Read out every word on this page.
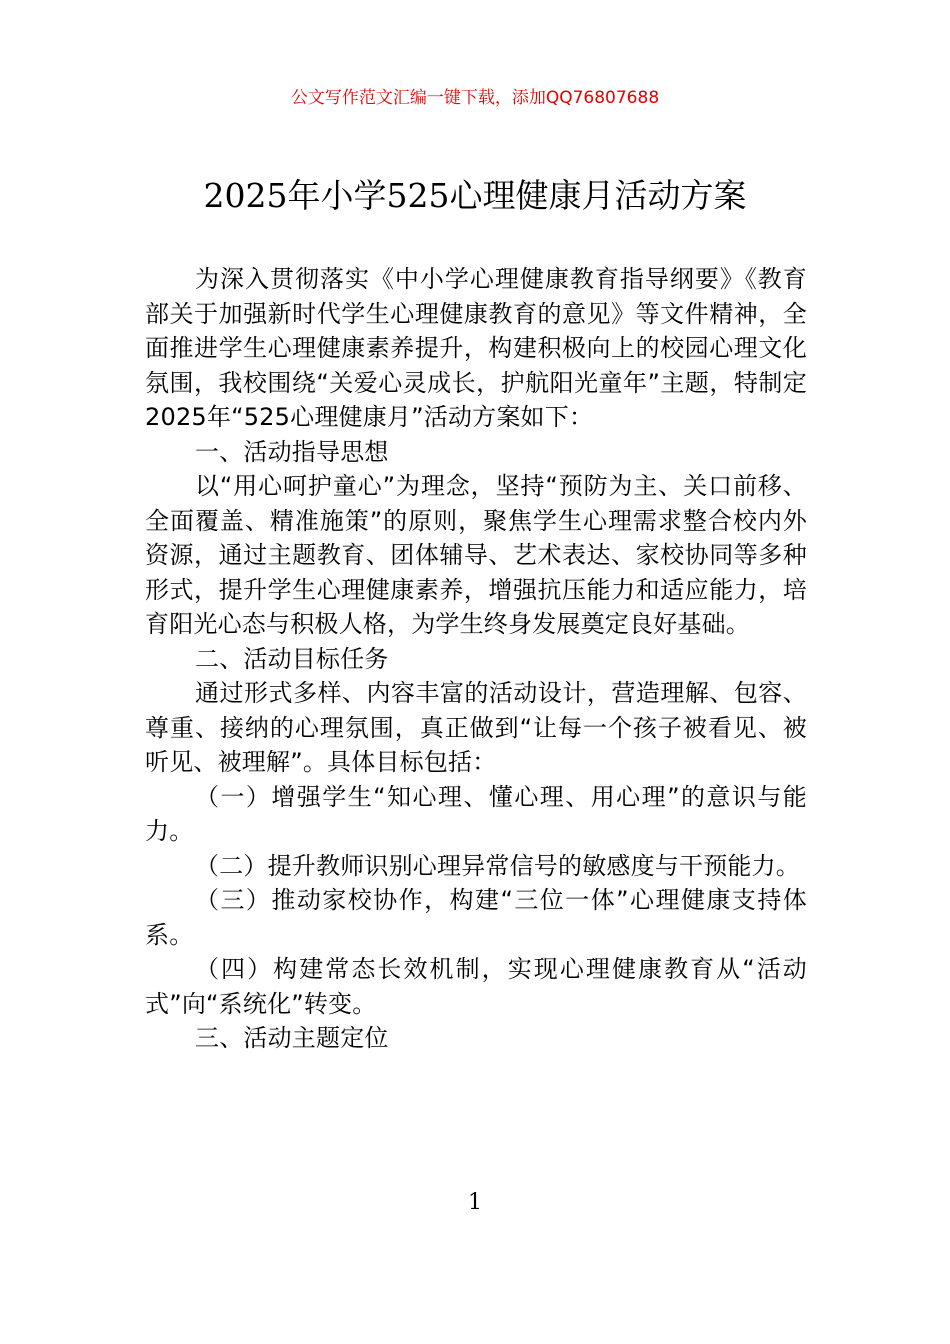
公文写作范文汇编一键下载，添加QQ76807688
2025年小学525心理健康月活动方案

为深入贯彻落实《中小学心理健康教育指导纲要》《教育部关于加强新时代学生心理健康教育的意见》等文件精神，全面推进学生心理健康素养提升，构建积极向上的校园心理文化氛围，我校围绕“关爱心灵成长，护航阳光童年”主题，特制定2025年“525心理健康月”活动方案如下：

一、活动指导思想

以“用心呵护童心”为理念，坚持“预防为主、关口前移、全面覆盖、精准施策”的原则，聚焦学生心理需求整合校内外资源，通过主题教育、团体辅导、艺术表达、家校协同等多种形式，提升学生心理健康素养，增强抗压能力和适应能力，培育阳光心态与积极人格，为学生终身发展奠定良好基础。

二、活动目标任务

通过形式多样、内容丰富的活动设计，营造理解、包容、尊重、接纳的心理氛围，真正做到“让每一个孩子被看见、被听见、被理解”。具体目标包括：

（一）增强学生“知心理、懂心理、用心理”的意识与能力。

（二）提升教师识别心理异常信号的敏感度与干预能力。

（三）推动家校协作，构建“三位一体”心理健康支持体系。

（四）构建常态长效机制，实现心理健康教育从“活动式”向“系统化”转变。

三、活动主题定位

1
